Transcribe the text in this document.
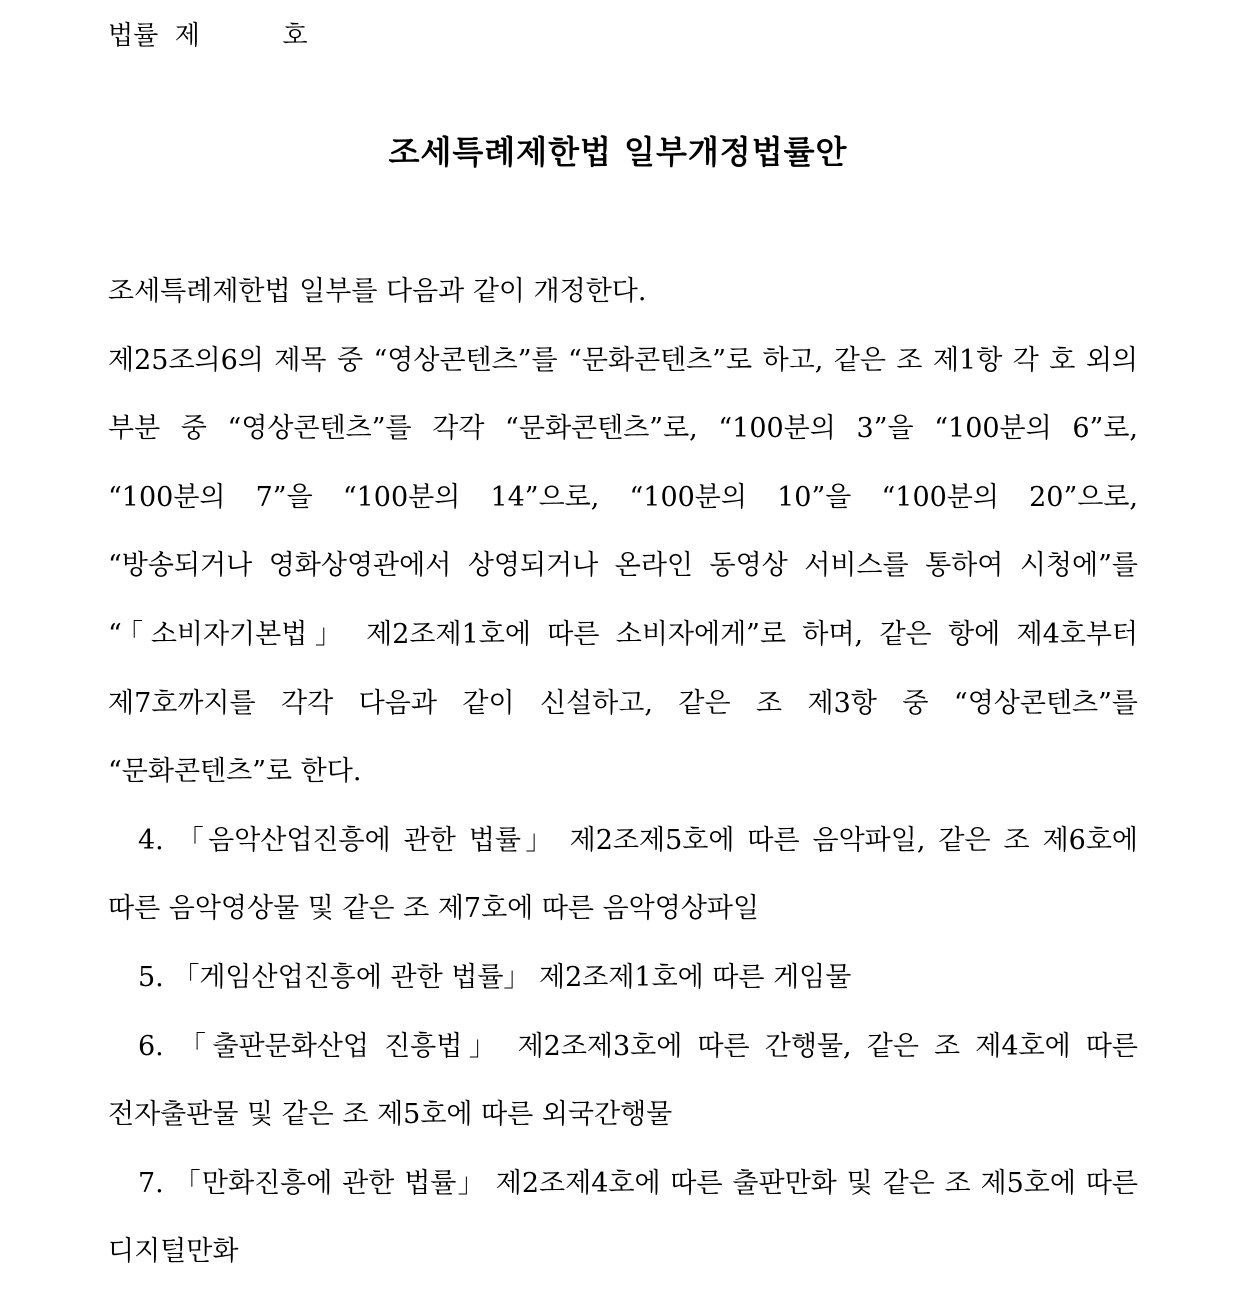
법률  제          호
조세특례제한법 일부개정법률안

조세특례제한법 일부를 다음과 같이 개정한다.

제25조의6의 제목 중 “영상콘텐츠”를 “문화콘텐츠”로 하고, 같은 조 제1항 각 호 외의 부분 중 “영상콘텐츠”를 각각 “문화콘텐츠”로, “100분의 3”을 “100분의 6”로, “100분의 7”을 “100분의 14”으로, “100분의 10”을 “100분의 20”으로, “방송되거나 영화상영관에서 상영되거나 온라인 동영상 서비스를 통하여 시청에”를 “「소비자기본법」 제2조제1호에 따른 소비자에게”로 하며, 같은 항에 제4호부터 제7호까지를 각각 다음과 같이 신설하고, 같은 조 제3항 중 “영상콘텐츠”를 “문화콘텐츠”로 한다.

4. 「음악산업진흥에 관한 법률」 제2조제5호에 따른 음악파일, 같은 조 제6호에 따른 음악영상물 및 같은 조 제7호에 따른 음악영상파일

5. 「게임산업진흥에 관한 법률」 제2조제1호에 따른 게임물

6. 「출판문화산업 진흥법」 제2조제3호에 따른 간행물, 같은 조 제4호에 따른 전자출판물 및 같은 조 제5호에 따른 외국간행물

7. 「만화진흥에 관한 법률」 제2조제4호에 따른 출판만화 및 같은 조 제5호에 따른 디지털만화
